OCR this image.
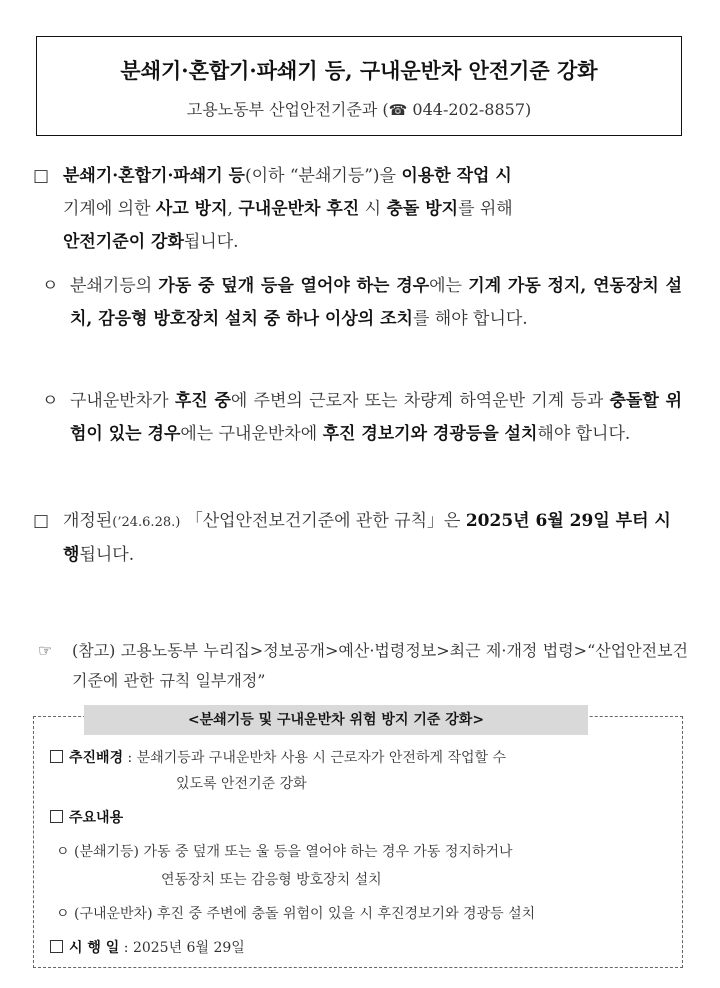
분쇄기·혼합기·파쇄기 등, 구내운반차 안전기준 강화
고용노동부 산업안전기준과 (☎ 044-202-8857)
□ 분쇄기·혼합기·파쇄기 등(이하 “분쇄기등”)을 이용한 작업 시
기계에 의한 사고 방지, 구내운반차 후진 시 충돌 방지를 위해
안전기준이 강화됩니다.
ㅇ 분쇄기등의 가동 중 덮개 등을 열어야 하는 경우에는 기계 가동 정지, 연동장치 설치, 감응형 방호장치 설치 중 하나 이상의 조치를 해야 합니다.
ㅇ 구내운반차가 후진 중에 주변의 근로자 또는 차량계 하역운반 기계 등과 충돌할 위험이 있는 경우에는 구내운반차에 후진 경보기와 경광등을 설치해야 합니다.
□ 개정된(’24.6.28.) 「산업안전보건기준에 관한 규칙」은 2025년 6월 29일 부터 시행됩니다.
☞	(참고) 고용노동부 누리집>정보공개>예산·법령정보>최근 제·개정 법령>“산업안전보건기준에 관한 규칙 일부개정”
<분쇄기등 및 구내운반차 위험 방지 기준 강화>
추진배경 : 분쇄기등과 구내운반차 사용 시 근로자가 안전하게 작업할 수
있도록 안전기준 강화
주요내용
ㅇ (분쇄기등) 가동 중 덮개 또는 울 등을 열어야 하는 경우 가동 정지하거나
연동장치 또는 감응형 방호장치 설치
ㅇ (구내운반차) 후진 중 주변에 충돌 위험이 있을 시 후진경보기와 경광등 설치
시 행 일 : 2025년 6월 29일
